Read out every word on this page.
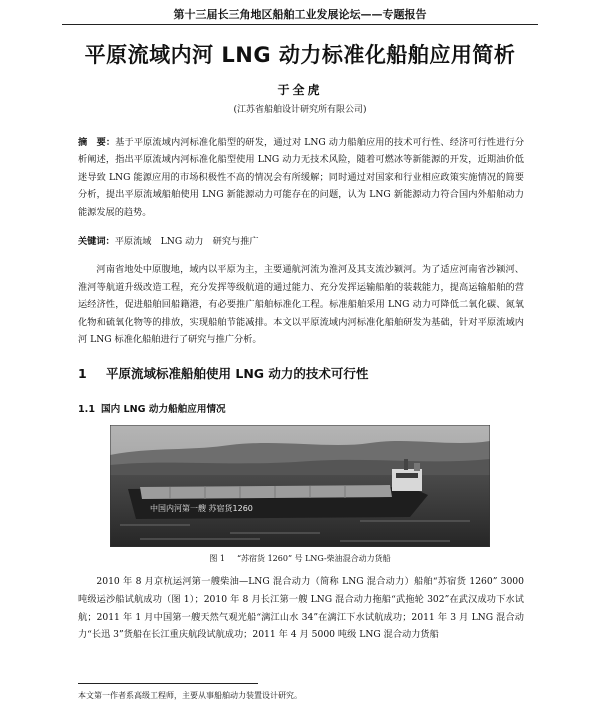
第十三届长三角地区船舶工业发展论坛——专题报告
平原流域内河 LNG 动力标准化船舶应用简析
于全虎
(江苏省船舶设计研究所有限公司)
摘　要：基于平原流域内河标准化船型的研发，通过对 LNG 动力船舶应用的技术可行性、经济可行性进行分析阐述，指出平原流域内河标准化船型使用 LNG 动力无技术风险，随着可燃冰等新能源的开发，近期油价低迷导致 LNG 能源应用的市场积极性不高的情况会有所缓解；同时通过对国家和行业相应政策实施情况的简要分析，提出平原流域船舶使用 LNG 新能源动力可能存在的问题，认为 LNG 新能源动力符合国内外船舶动力能源发展的趋势。
关键词：平原流域　LNG 动力　研究与推广
河南省地处中原腹地，域内以平原为主，主要通航河流为淮河及其支流沙颍河。为了适应河南省沙颍河、淮河等航道升级改造工程，充分发挥等级航道的通过能力、充分发挥运输船舶的装载能力，提高运输船舶的营运经济性，促进船舶回船籍港，有必要推广船舶标准化工程。标准船舶采用 LNG 动力可降低二氧化碳、氮氧化物和硫氧化物等的排放，实现船舶节能减排。本文以平原流域内河标准化船舶研发为基础，针对平原流域内河 LNG 标准化船舶进行了研究与推广分析。
1 平原流域标准船舶使用 LNG 动力的技术可行性
1.1 国内 LNG 动力船舶应用情况
中国内河第一艘 苏宿货1260
图 1 “苏宿货 1260” 号 LNG-柴油混合动力货船
2010 年 8 月京杭运河第一艘柴油—LNG 混合动力（简称 LNG 混合动力）船舶“苏宿货 1260” 3000 吨级运沙船试航成功（图 1）；2010 年 8 月长江第一艘 LNG 混合动力拖船“武拖轮 302”在武汉成功下水试航；2011 年 1 月中国第一艘天然气观光船“漓江山水 34”在漓江下水试航成功；2011 年 3 月 LNG 混合动力“长迅 3”货船在长江重庆航段试航成功；2011 年 4 月 5000 吨级 LNG 混合动力货船
本文第一作者系高级工程师，主要从事船舶动力装置设计研究。
